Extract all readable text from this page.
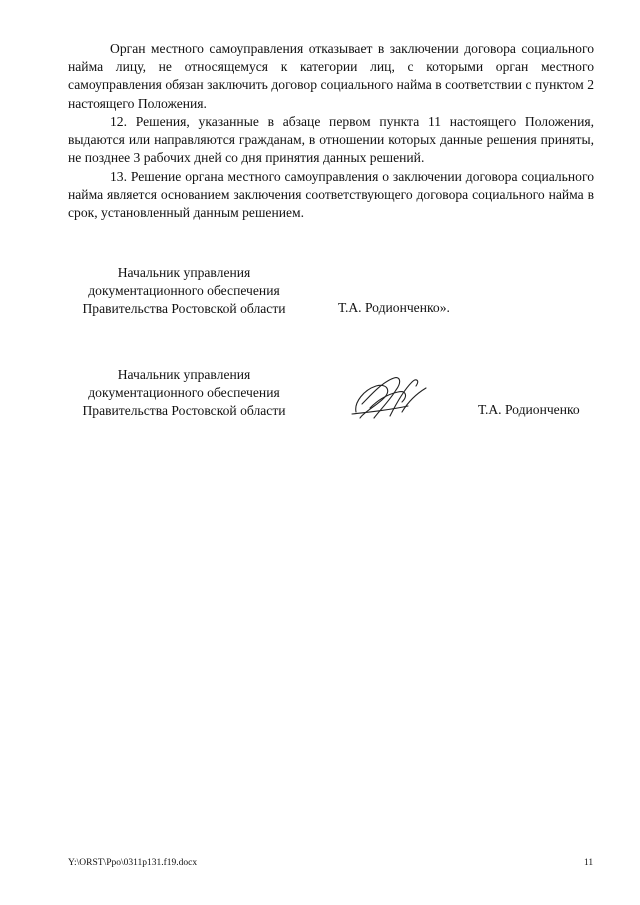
Орган местного самоуправления отказывает в заключении договора социального найма лицу, не относящемуся к категории лиц, с которыми орган местного самоуправления обязан заключить договор социального найма в соответствии с пунктом 2 настоящего Положения.

12. Решения, указанные в абзаце первом пункта 11 настоящего Положения, выдаются или направляются гражданам, в отношении которых данные решения приняты, не позднее 3 рабочих дней со дня принятия данных решений.

13. Решение органа местного самоуправления о заключении договора социального найма является основанием заключения соответствующего договора социального найма в срок, установленный данным решением.

Начальник управления
документационного обеспечения
Правительства Ростовской области	Т.А. Родионченко».
Начальник управления
документационного обеспечения
Правительства Ростовской области	Т.А. Родионченко
Y:\ORST\Ppo\0311p131.f19.docx	11
